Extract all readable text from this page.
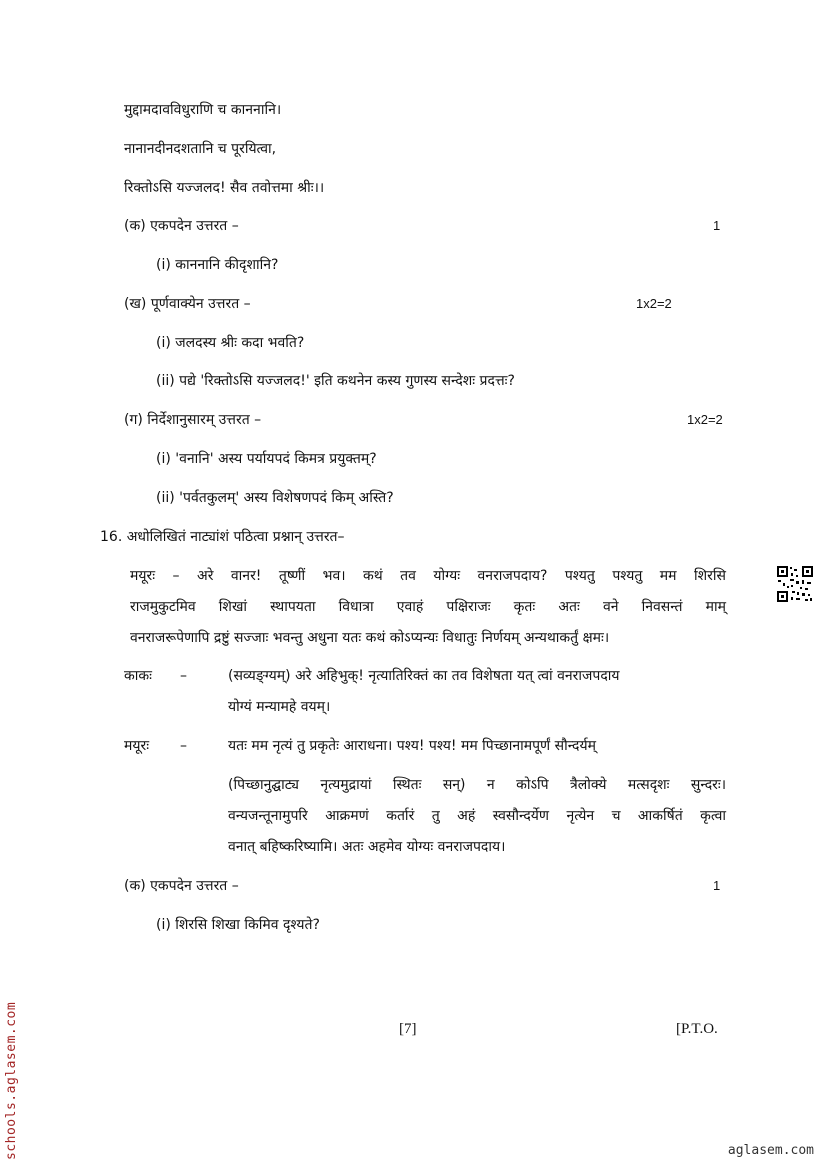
मुद्दामदावविधुराणि च काननानि।
नानानदीनदशतानि च पूरयित्वा,
रिक्तोऽसि यज्जलद! सैव तवोत्तमा श्रीः।।
(क) एकपदेन उत्तरत –	1
(i) काननानि कीदृशानि?
(ख) पूर्णवाक्येन उत्तरत –	1x2=2
(i) जलदस्य श्रीः कदा भवति?
(ii) पद्ये 'रिक्तोऽसि यज्जलद!' इति कथनेन कस्य गुणस्य सन्देशः प्रदत्तः?
(ग) निर्देशानुसारम् उत्तरत –	1x2=2
(i) 'वनानि' अस्य पर्यायपदं किमत्र प्रयुक्तम्?
(ii) 'पर्वतकुलम्' अस्य विशेषणपदं किम् अस्ति?
16. अधोलिखितं नाट्यांशं पठित्वा प्रश्नान् उत्तरत–
मयूरः – अरे वानर! तूष्णीं भव। कथं तव योग्यः वनराजपदाय? पश्यतु पश्यतु मम शिरसि
राजमुकुटमिव शिखां स्थापयता विधात्रा एवाहं पक्षिराजः कृतः अतः वने निवसन्तं माम्
वनराजरूपेणापि द्रष्टुं सज्जाः भवन्तु अधुना यतः कथं कोऽप्यन्यः विधातुः निर्णयम् अन्यथाकर्तुं क्षमः।
काकः –	(सव्यङ्ग्यम्) अरे अहिभुक्! नृत्यातिरिक्तं का तव विशेषता यत् त्वां वनराजपदाय
योग्यं मन्यामहे वयम्।
मयूरः –	यतः मम नृत्यं तु प्रकृतेः आराधना। पश्य! पश्य! मम पिच्छानामपूर्णं सौन्दर्यम्
(पिच्छानुद्घाट्य नृत्यमुद्रायां स्थितः सन्) न कोऽपि त्रैलोक्ये मत्सदृशः सुन्दरः।
वन्यजन्तूनामुपरि आक्रमणं कर्तारं तु अहं स्वसौन्दर्येण नृत्येन च आकर्षितं कृत्वा
वनात् बहिष्करिष्यामि। अतः अहमेव योग्यः वनराजपदाय।
(क) एकपदेन उत्तरत –	1
(i) शिरसि शिखा किमिव दृश्यते?
[7]	[P.T.O.
schools.aglasem.com	aglasem.com
